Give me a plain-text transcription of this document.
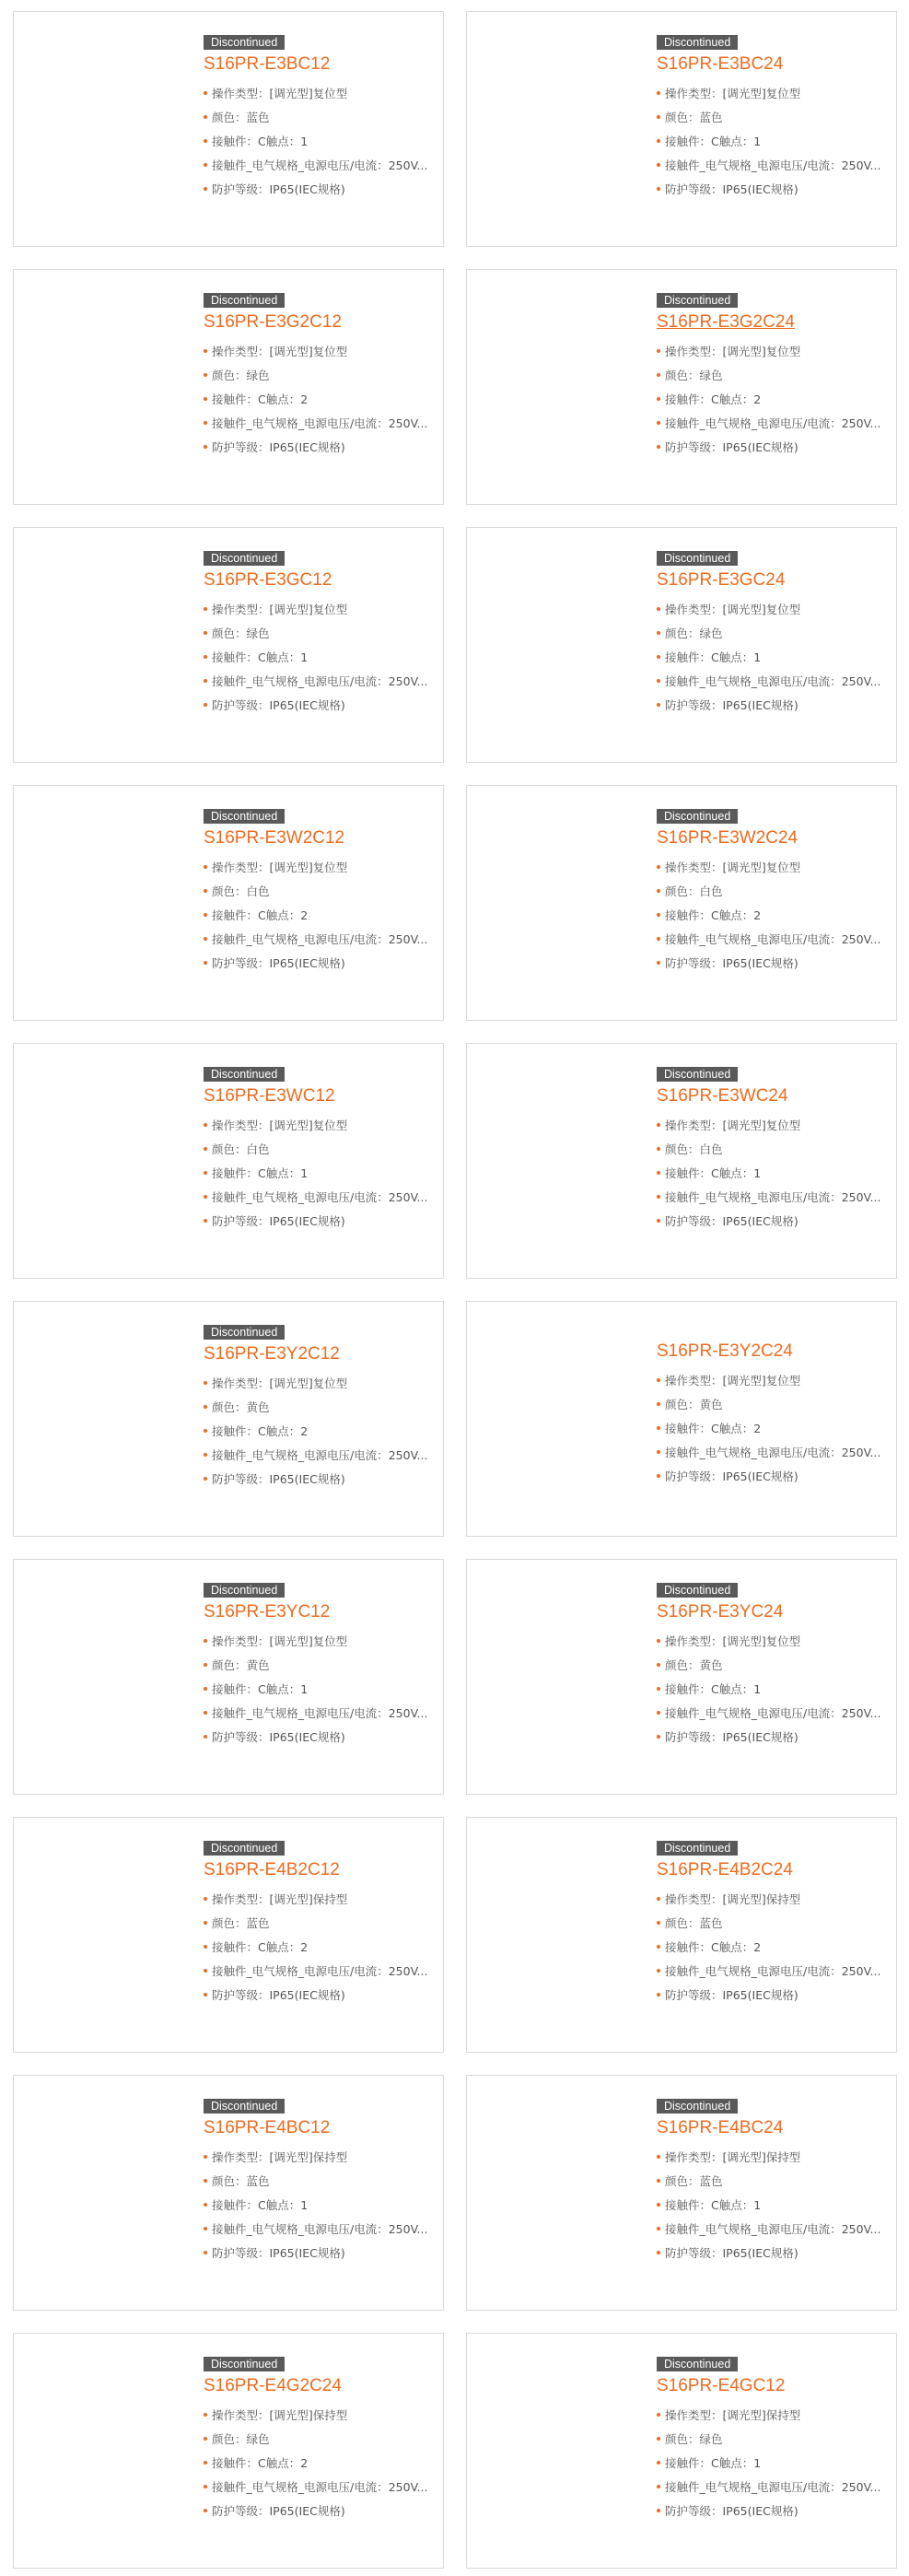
Discontinued
S16PR-E3BC12
操作类型：[调光型]复位型
颜色：蓝色
接触件：C触点：1
接触件_电气规格_电源电压/电流：250V...
防护等级：IP65(IEC规格)
Discontinued
S16PR-E3BC24
操作类型：[调光型]复位型
颜色：蓝色
接触件：C触点：1
接触件_电气规格_电源电压/电流：250V...
防护等级：IP65(IEC规格)
Discontinued
S16PR-E3G2C12
操作类型：[调光型]复位型
颜色：绿色
接触件：C触点：2
接触件_电气规格_电源电压/电流：250V...
防护等级：IP65(IEC规格)
Discontinued
S16PR-E3G2C24
操作类型：[调光型]复位型
颜色：绿色
接触件：C触点：2
接触件_电气规格_电源电压/电流：250V...
防护等级：IP65(IEC规格)
Discontinued
S16PR-E3GC12
操作类型：[调光型]复位型
颜色：绿色
接触件：C触点：1
接触件_电气规格_电源电压/电流：250V...
防护等级：IP65(IEC规格)
Discontinued
S16PR-E3GC24
操作类型：[调光型]复位型
颜色：绿色
接触件：C触点：1
接触件_电气规格_电源电压/电流：250V...
防护等级：IP65(IEC规格)
Discontinued
S16PR-E3W2C12
操作类型：[调光型]复位型
颜色：白色
接触件：C触点：2
接触件_电气规格_电源电压/电流：250V...
防护等级：IP65(IEC规格)
Discontinued
S16PR-E3W2C24
操作类型：[调光型]复位型
颜色：白色
接触件：C触点：2
接触件_电气规格_电源电压/电流：250V...
防护等级：IP65(IEC规格)
Discontinued
S16PR-E3WC12
操作类型：[调光型]复位型
颜色：白色
接触件：C触点：1
接触件_电气规格_电源电压/电流：250V...
防护等级：IP65(IEC规格)
Discontinued
S16PR-E3WC24
操作类型：[调光型]复位型
颜色：白色
接触件：C触点：1
接触件_电气规格_电源电压/电流：250V...
防护等级：IP65(IEC规格)
Discontinued
S16PR-E3Y2C12
操作类型：[调光型]复位型
颜色：黄色
接触件：C触点：2
接触件_电气规格_电源电压/电流：250V...
防护等级：IP65(IEC规格)
S16PR-E3Y2C24
操作类型：[调光型]复位型
颜色：黄色
接触件：C触点：2
接触件_电气规格_电源电压/电流：250V...
防护等级：IP65(IEC规格)
Discontinued
S16PR-E3YC12
操作类型：[调光型]复位型
颜色：黄色
接触件：C触点：1
接触件_电气规格_电源电压/电流：250V...
防护等级：IP65(IEC规格)
Discontinued
S16PR-E3YC24
操作类型：[调光型]复位型
颜色：黄色
接触件：C触点：1
接触件_电气规格_电源电压/电流：250V...
防护等级：IP65(IEC规格)
Discontinued
S16PR-E4B2C12
操作类型：[调光型]保持型
颜色：蓝色
接触件：C触点：2
接触件_电气规格_电源电压/电流：250V...
防护等级：IP65(IEC规格)
Discontinued
S16PR-E4B2C24
操作类型：[调光型]保持型
颜色：蓝色
接触件：C触点：2
接触件_电气规格_电源电压/电流：250V...
防护等级：IP65(IEC规格)
Discontinued
S16PR-E4BC12
操作类型：[调光型]保持型
颜色：蓝色
接触件：C触点：1
接触件_电气规格_电源电压/电流：250V...
防护等级：IP65(IEC规格)
Discontinued
S16PR-E4BC24
操作类型：[调光型]保持型
颜色：蓝色
接触件：C触点：1
接触件_电气规格_电源电压/电流：250V...
防护等级：IP65(IEC规格)
Discontinued
S16PR-E4G2C24
操作类型：[调光型]保持型
颜色：绿色
接触件：C触点：2
接触件_电气规格_电源电压/电流：250V...
防护等级：IP65(IEC规格)
Discontinued
S16PR-E4GC12
操作类型：[调光型]保持型
颜色：绿色
接触件：C触点：1
接触件_电气规格_电源电压/电流：250V...
防护等级：IP65(IEC规格)
